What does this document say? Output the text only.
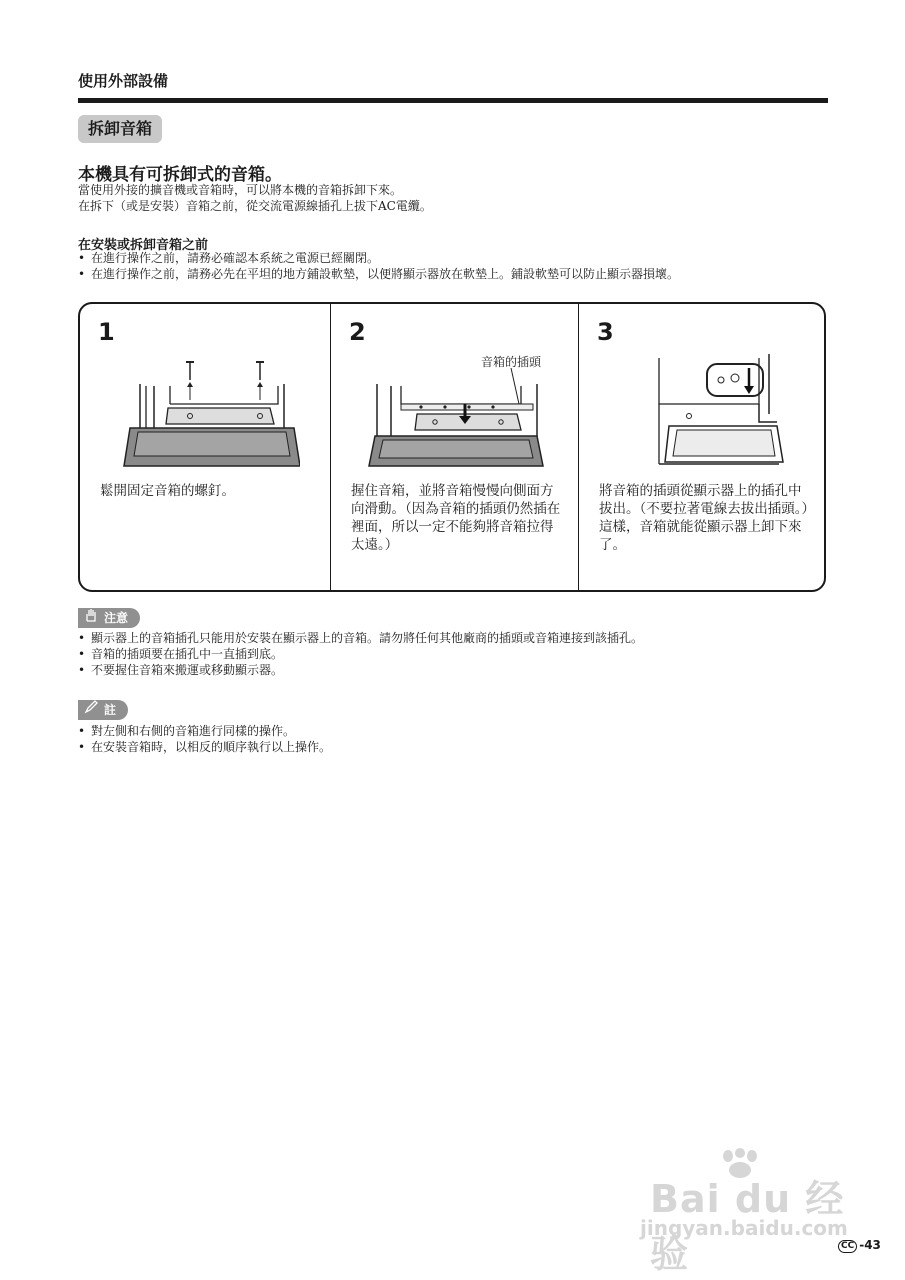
使用外部設備
拆卸音箱
本機具有可拆卸式的音箱。
當使用外接的擴音機或音箱時，可以將本機的音箱拆卸下來。
在拆下（或是安裝）音箱之前，從交流電源線插孔上拔下AC電纜。
在安裝或拆卸音箱之前
• 在進行操作之前，請務必確認本系統之電源已經關閉。
• 在進行操作之前，請務必先在平坦的地方鋪設軟墊，以便將顯示器放在軟墊上。鋪設軟墊可以防止顯示器損壞。
1
鬆開固定音箱的螺釘。
2
音箱的插頭
握住音箱，並將音箱慢慢向側面方向滑動。（因為音箱的插頭仍然插在裡面，所以一定不能夠將音箱拉得太遠。）
3
將音箱的插頭從顯示器上的插孔中拔出。（不要拉著電線去拔出插頭。）這樣，音箱就能從顯示器上卸下來了。
注意
• 顯示器上的音箱插孔只能用於安裝在顯示器上的音箱。請勿將任何其他廠商的插頭或音箱連接到該插孔。
• 音箱的插頭要在插孔中一直插到底。
• 不要握住音箱來搬運或移動顯示器。
註
• 對左側和右側的音箱進行同樣的操作。
• 在安裝音箱時，以相反的順序執行以上操作。
Bai du 经验
jingyan.baidu.com
CC -43
